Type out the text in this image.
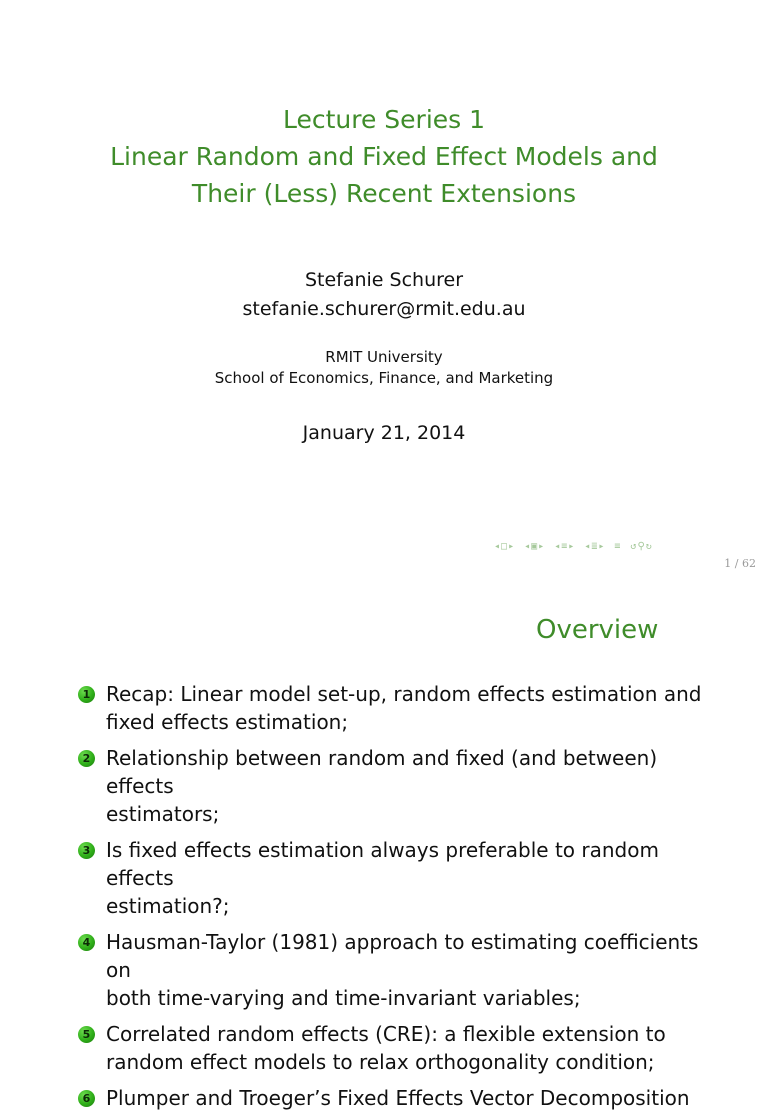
Lecture Series 1
Linear Random and Fixed Effect Models and
Their (Less) Recent Extensions
Stefanie Schurer
stefanie.schurer@rmit.edu.au
RMIT University
School of Economics, Finance, and Marketing
January 21, 2014
◂ □ ▸ ◂ ▣ ▸ ◂ ≡ ▸ ◂ ≣ ▸ ≡ ↺ ⚲ ↻
1 / 62
Overview
1 Recap: Linear model set-up, random effects estimation and
fixed effects estimation;
2 Relationship between random and fixed (and between) effects
estimators;
3 Is fixed effects estimation always preferable to random effects
estimation?;
4 Hausman-Taylor (1981) approach to estimating coefficients on
both time-varying and time-invariant variables;
5 Correlated random effects (CRE): a flexible extension to
random effect models to relax orthogonality condition;
6 Plumper and Troeger’s Fixed Effects Vector Decomposition
